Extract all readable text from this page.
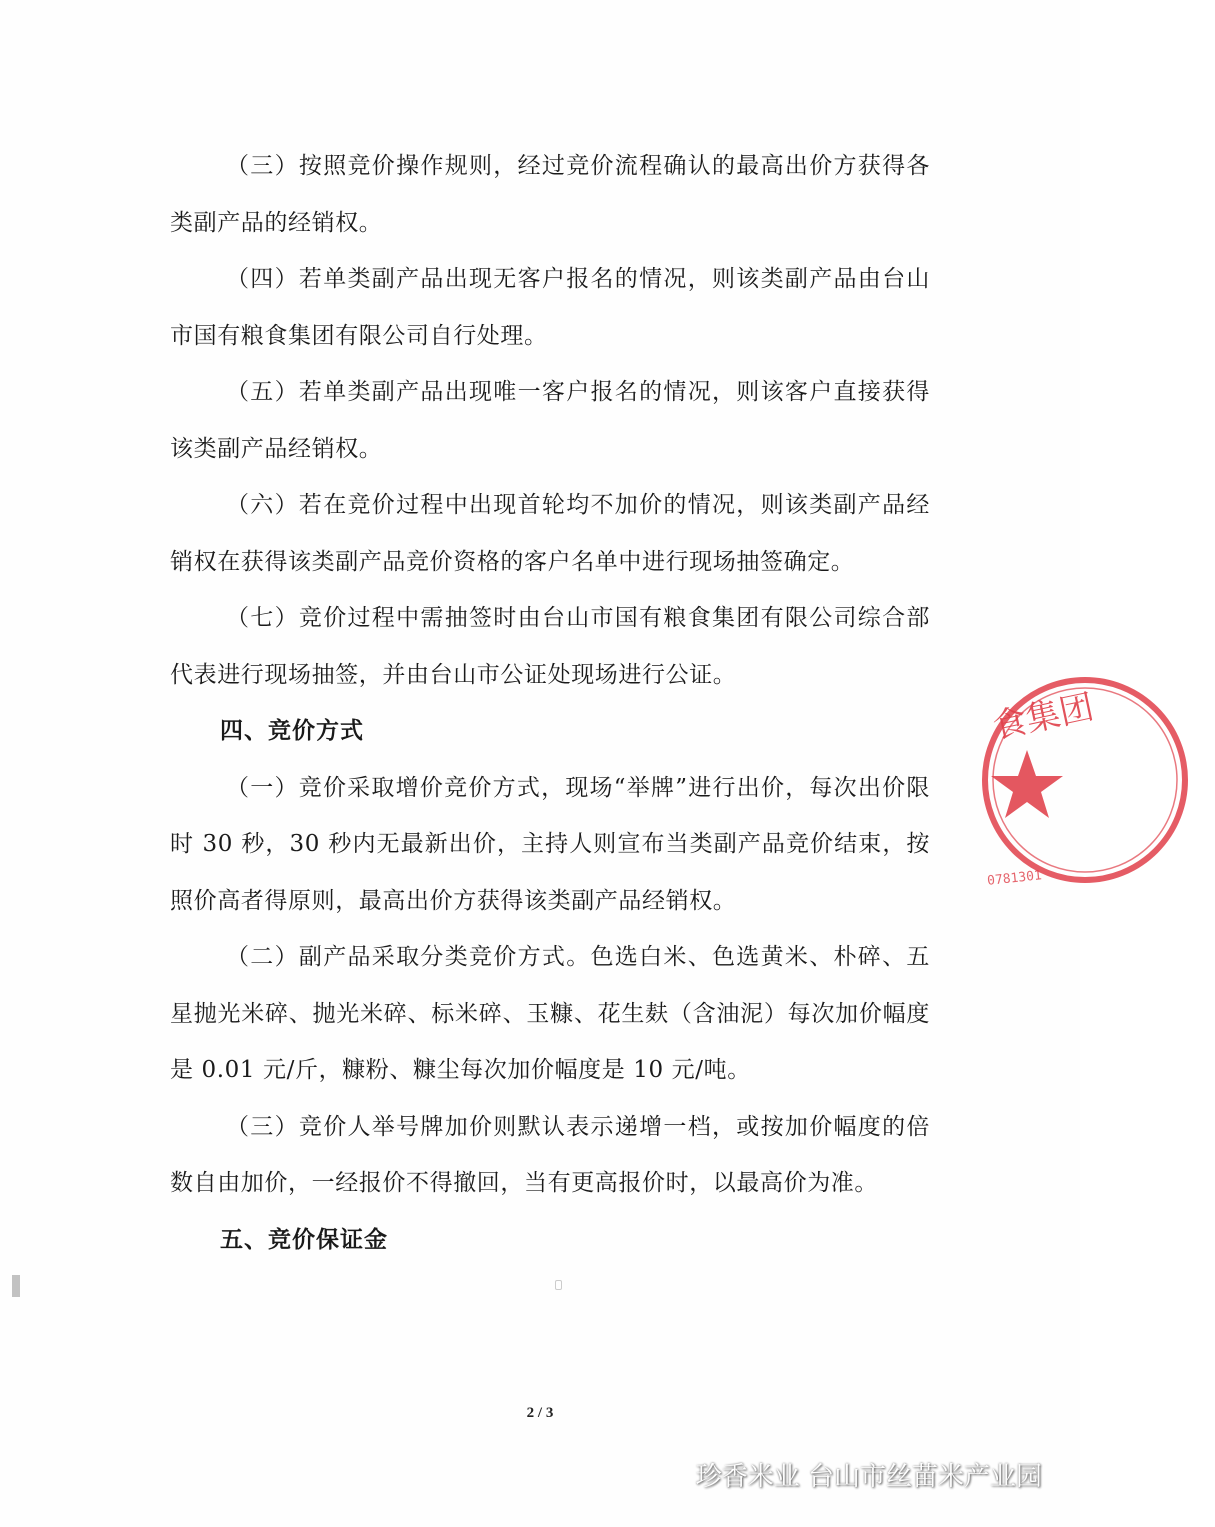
（三）按照竞价操作规则，经过竞价流程确认的最高出价方获得各类副产品的经销权。

（四）若单类副产品出现无客户报名的情况，则该类副产品由台山市国有粮食集团有限公司自行处理。

（五）若单类副产品出现唯一客户报名的情况，则该客户直接获得该类副产品经销权。

（六）若在竞价过程中出现首轮均不加价的情况，则该类副产品经销权在获得该类副产品竞价资格的客户名单中进行现场抽签确定。

（七）竞价过程中需抽签时由台山市国有粮食集团有限公司综合部代表进行现场抽签，并由台山市公证处现场进行公证。

四、竞价方式

（一）竞价采取增价竞价方式，现场“举牌”进行出价，每次出价限时 30 秒，30 秒内无最新出价，主持人则宣布当类副产品竞价结束，按照价高者得原则，最高出价方获得该类副产品经销权。

（二）副产品采取分类竞价方式。色选白米、色选黄米、朴碎、五星抛光米碎、抛光米碎、标米碎、玉糠、花生麸（含油泥）每次加价幅度是 0.01 元/斤，糠粉、糠尘每次加价幅度是 10 元/吨。

（三）竞价人举号牌加价则默认表示递增一档，或按加价幅度的倍数自由加价，一经报价不得撤回，当有更高报价时，以最高价为准。

五、竞价保证金
2 / 3
食集团
0781301
珍香米业 台山市丝苗米产业园
